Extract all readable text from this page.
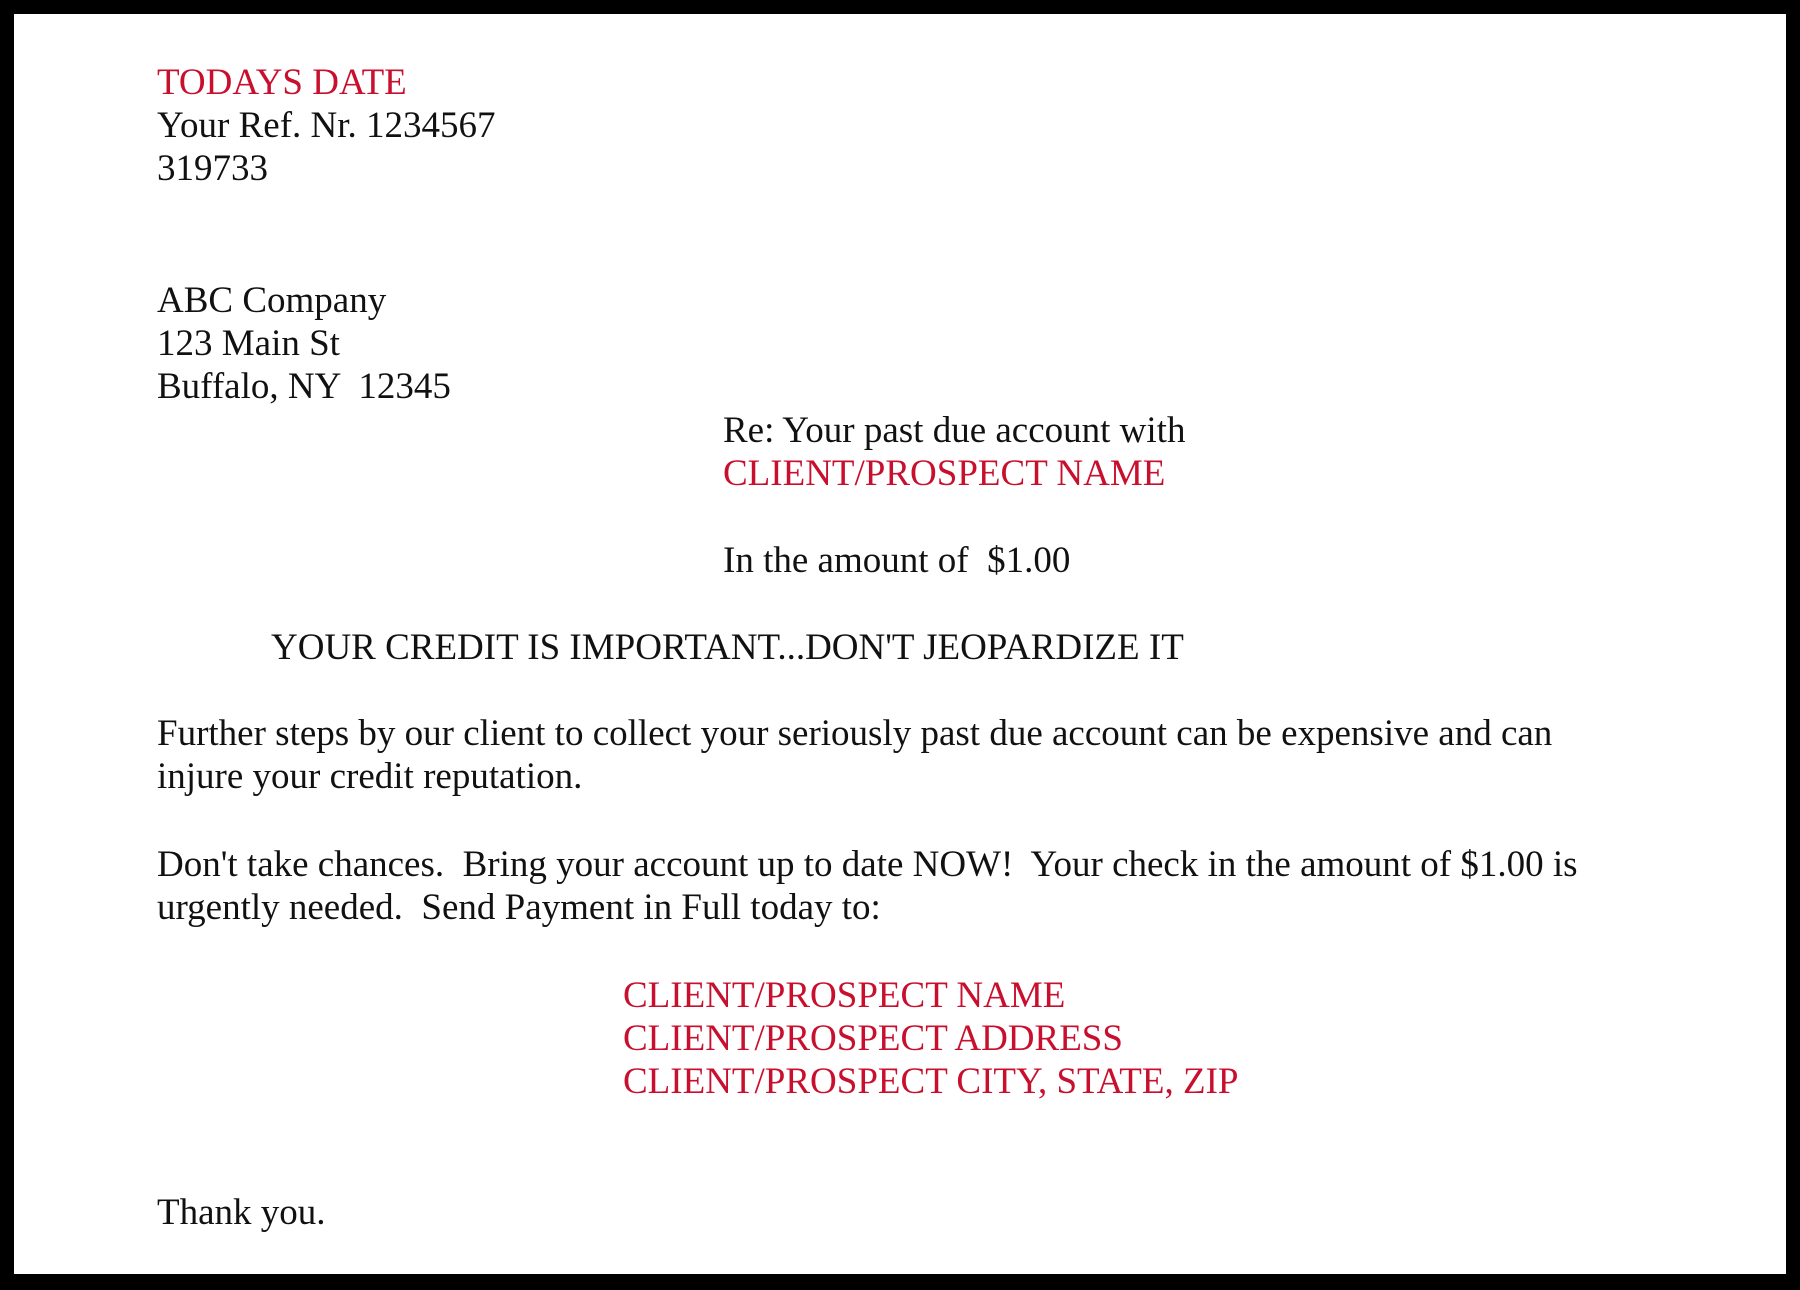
TODAYS DATE
Your Ref. Nr. 1234567
319733
ABC Company
123 Main St
Buffalo, NY  12345
Re: Your past due account with
CLIENT/PROSPECT NAME
In the amount of  $1.00
YOUR CREDIT IS IMPORTANT...DON'T JEOPARDIZE IT
Further steps by our client to collect your seriously past due account can be expensive and can
injure your credit reputation.
Don't take chances.  Bring your account up to date NOW!  Your check in the amount of $1.00 is
urgently needed.  Send Payment in Full today to:
CLIENT/PROSPECT NAME
CLIENT/PROSPECT ADDRESS
CLIENT/PROSPECT CITY, STATE, ZIP
Thank you.
